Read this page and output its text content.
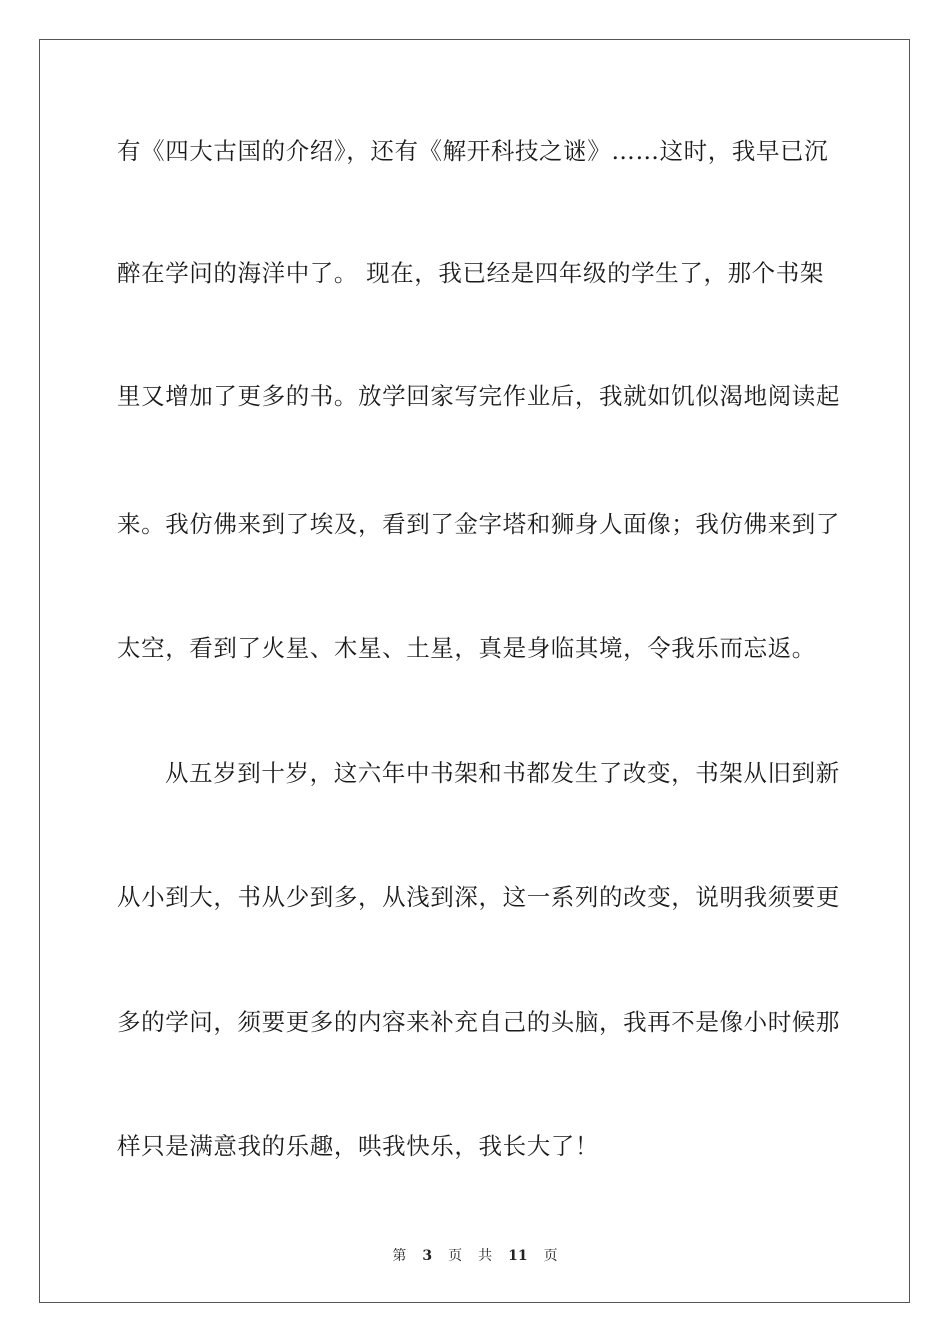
有《四大古国的介绍》，还有《解开科技之谜》……这时，我早已沉
醉在学问的海洋中了。 现在，我已经是四年级的学生了，那个书架
里又增加了更多的书。放学回家写完作业后，我就如饥似渴地阅读起
来。我仿佛来到了埃及，看到了金字塔和狮身人面像；我仿佛来到了
太空，看到了火星、木星、土星，真是身临其境，令我乐而忘返。
从五岁到十岁，这六年中书架和书都发生了改变，书架从旧到新
从小到大，书从少到多，从浅到深，这一系列的改变，说明我须要更
多的学问，须要更多的内容来补充自己的头脑，我再不是像小时候那
样只是满意我的乐趣，哄我快乐，我长大了！
第 3 页 共 11 页
